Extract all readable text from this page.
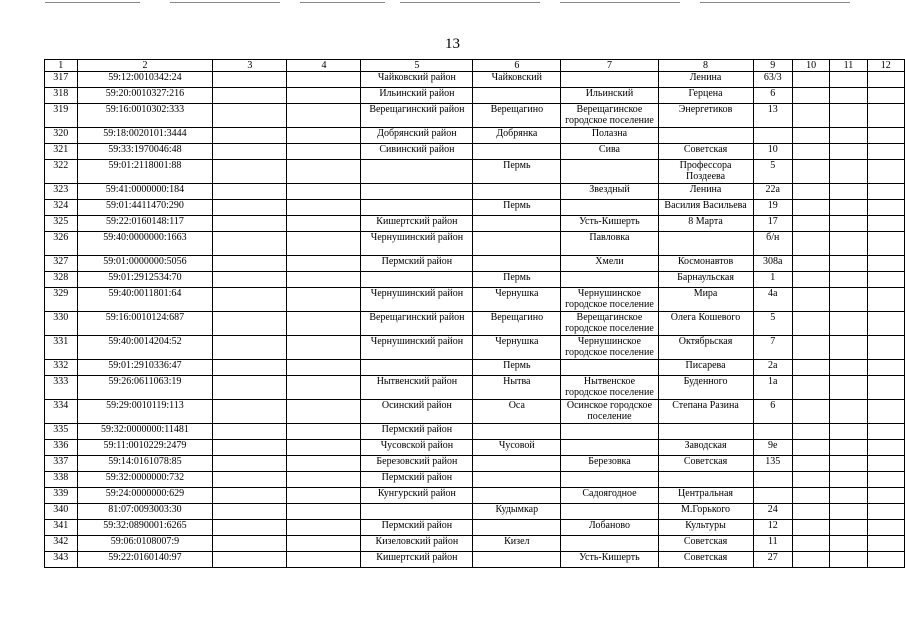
13
1	2	3	4	5	6	7	8	9	10	11	12
317	59:12:0010342:24			Чайковский район	Чайковский		Ленина	63/3			
318	59:20:0010327:216			Ильинский район		Ильинский	Герцена	6			
319	59:16:0010302:333			Верещагинский район	Верещагино	Верещагинское городское поселение	Энергетиков	13			
320	59:18:0020101:3444			Добрянский район	Добрянка	Полазна					
321	59:33:1970046:48			Сивинский район		Сива	Советская	10			
322	59:01:2118001:88				Пермь		Профессора Поздеева	5			
323	59:41:0000000:184					Звездный	Ленина	22а			
324	59:01:4411470:290				Пермь		Василия Васильева	19			
325	59:22:0160148:117			Кишертский район		Усть-Кишерть	8 Марта	17			
326	59:40:0000000:1663			Чернушинский район		Павловка		б/н			
327	59:01:0000000:5056			Пермский район		Хмели	Космонавтов	308а			
328	59:01:2912534:70				Пермь		Барнаульская	1			
329	59:40:0011801:64			Чернушинский район	Чернушка	Чернушинское городское поселение	Мира	4а			
330	59:16:0010124:687			Верещагинский район	Верещагино	Верещагинское городское поселение	Олега Кошевого	5			
331	59:40:0014204:52			Чернушинский район	Чернушка	Чернушинское городское поселение	Октябрьская	7			
332	59:01:2910336:47				Пермь		Писарева	2а			
333	59:26:0611063:19			Нытвенский район	Нытва	Нытвенское городское поселение	Буденного	1а			
334	59:29:0010119:113			Осинский район	Оса	Осинское городское поселение	Степана Разина	6			
335	59:32:0000000:11481			Пермский район							
336	59:11:0010229:2479			Чусовской район	Чусовой		Заводская	9е			
337	59:14:0161078:85			Березовский район		Березовка	Советская	135			
338	59:32:0000000:732			Пермский район							
339	59:24:0000000:629			Кунгурский район		Садоягодное	Центральная				
340	81:07:0093003:30				Кудымкар		М.Горького	24			
341	59:32:0890001:6265			Пермский район		Лобаново	Культуры	12			
342	59:06:0108007:9			Кизеловский район	Кизел		Советская	11			
343	59:22:0160140:97			Кишертский район		Усть-Кишерть	Советская	27			
